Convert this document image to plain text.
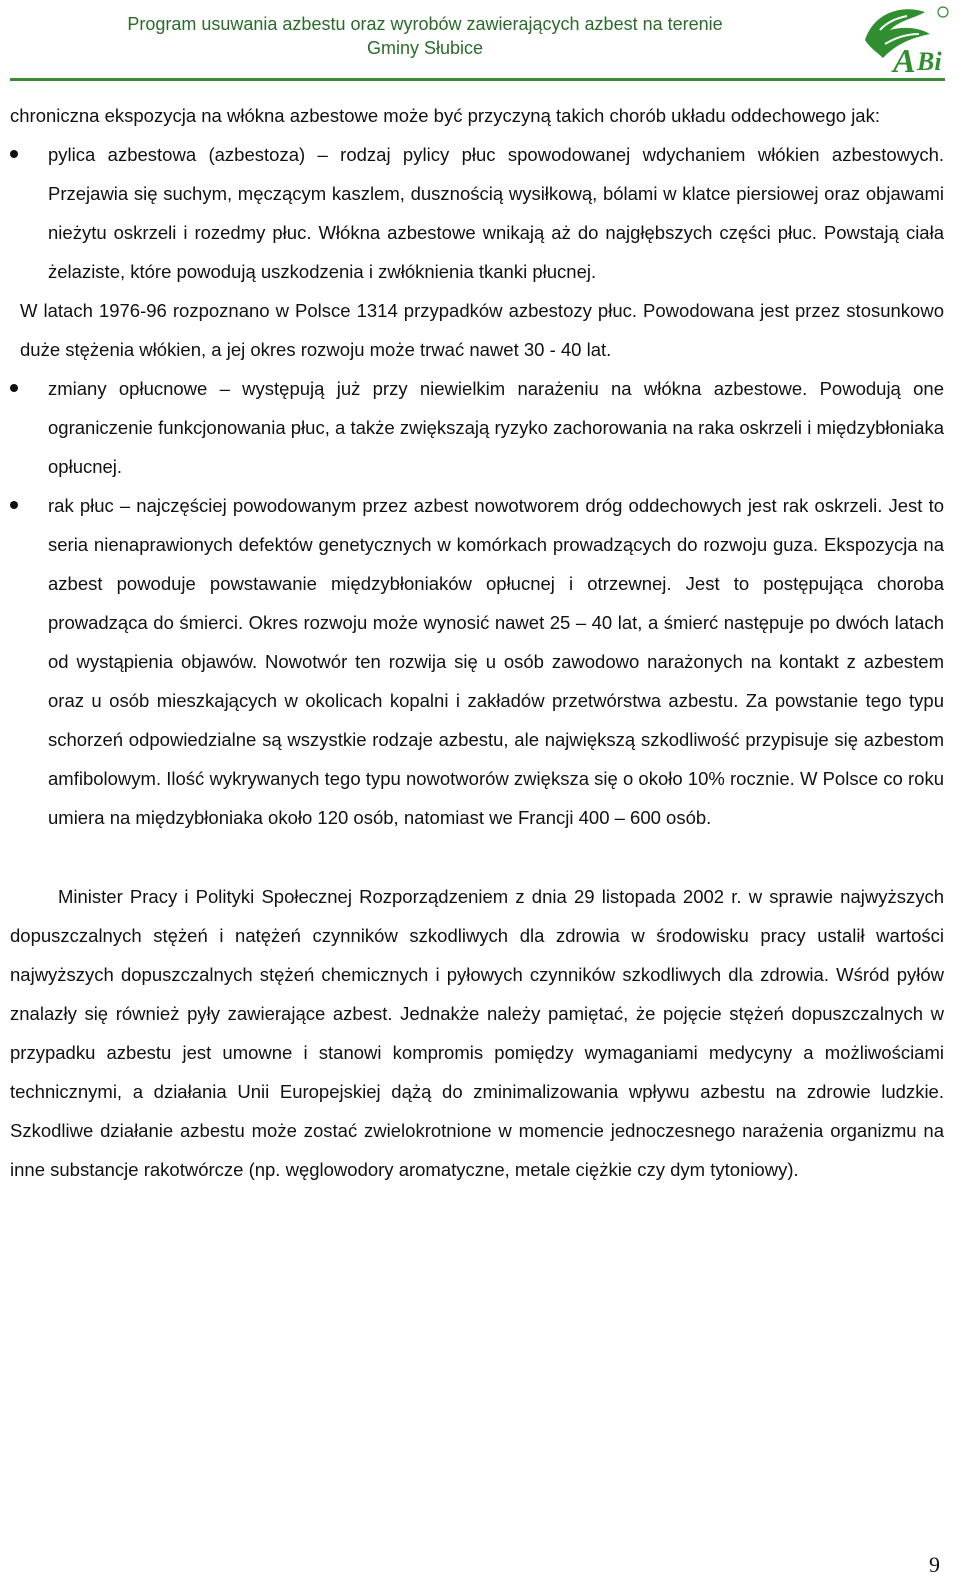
Program usuwania azbestu oraz wyrobów zawierających azbest na terenie
Gminy Słubice	A Bi

chroniczna ekspozycja na włókna azbestowe może być przyczyną takich chorób układu oddechowego jak:

pylica azbestowa (azbestoza) – rodzaj pylicy płuc spowodowanej wdychaniem włókien azbestowych. Przejawia się suchym, męczącym kaszlem, dusznością wysiłkową, bólami w klatce piersiowej oraz objawami nieżytu oskrzeli i rozedmy płuc. Włókna azbestowe wnikają aż do najgłębszych części płuc. Powstają ciała żelaziste, które powodują uszkodzenia i zwłóknienia tkanki płucnej.

W latach 1976-96 rozpoznano w Polsce 1314 przypadków azbestozy płuc. Powodowana jest przez stosunkowo duże stężenia włókien, a jej okres rozwoju może trwać nawet 30 - 40 lat.

zmiany opłucnowe – występują już przy niewielkim narażeniu na włókna azbestowe. Powodują one ograniczenie funkcjonowania płuc, a także zwiększają ryzyko zachorowania na raka oskrzeli i międzybłoniaka opłucnej.
rak płuc – najczęściej powodowanym przez azbest nowotworem dróg oddechowych jest rak oskrzeli. Jest to seria nienaprawionych defektów genetycznych w komórkach prowadzących do rozwoju guza. Ekspozycja na azbest powoduje powstawanie międzybłoniaków opłucnej i otrzewnej. Jest to postępująca choroba prowadząca do śmierci. Okres rozwoju może wynosić nawet 25 – 40 lat, a śmierć następuje po dwóch latach od wystąpienia objawów. Nowotwór ten rozwija się u osób zawodowo narażonych na kontakt z azbestem oraz u osób mieszkających w okolicach kopalni i zakładów przetwórstwa azbestu. Za powstanie tego typu schorzeń odpowiedzialne są wszystkie rodzaje azbestu, ale największą szkodliwość przypisuje się azbestom amfibolowym. Ilość wykrywanych tego typu nowotworów zwiększa się o około 10% rocznie. W Polsce co roku umiera na międzybłoniaka około 120 osób, natomiast we Francji 400 – 600 osób.

Minister Pracy i Polityki Społecznej Rozporządzeniem z dnia 29 listopada 2002 r. w sprawie najwyższych dopuszczalnych stężeń i natężeń czynników szkodliwych dla zdrowia w środowisku pracy ustalił wartości najwyższych dopuszczalnych stężeń chemicznych i pyłowych czynników szkodliwych dla zdrowia. Wśród pyłów znalazły się również pyły zawierające azbest. Jednakże należy pamiętać, że pojęcie stężeń dopuszczalnych w przypadku azbestu jest umowne i stanowi kompromis pomiędzy wymaganiami medycyny a możliwościami technicznymi, a działania Unii Europejskiej dążą do zminimalizowania wpływu azbestu na zdrowie ludzkie. Szkodliwe działanie azbestu może zostać zwielokrotnione w momencie jednoczesnego narażenia organizmu na inne substancje rakotwórcze (np. węglowodory aromatyczne, metale ciężkie czy dym tytoniowy).

9
